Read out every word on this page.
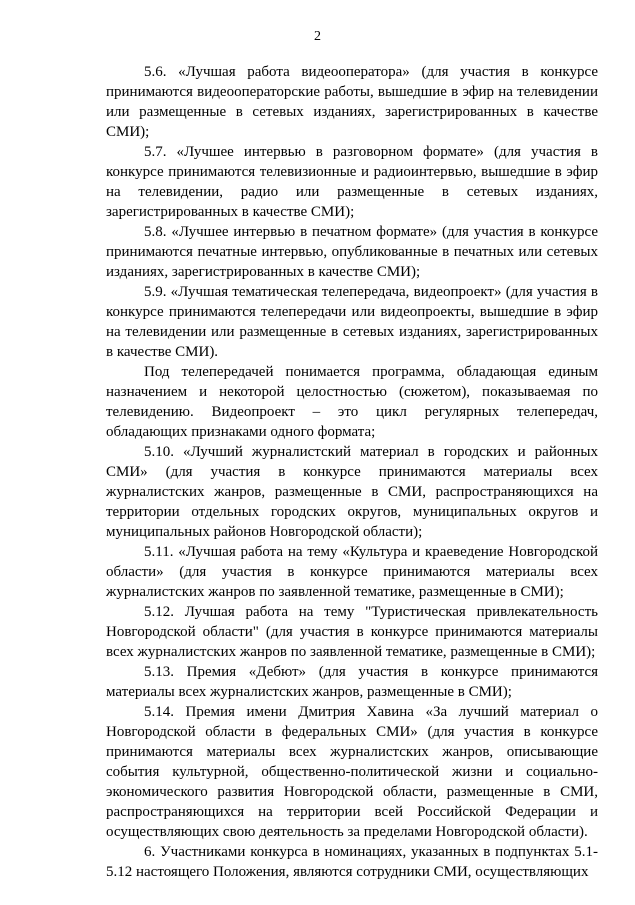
2

5.6. «Лучшая работа видеооператора» (для участия в конкурсе принимаются видеооператорские работы, вышедшие в эфир на телевидении или размещенные в сетевых изданиях, зарегистрированных в качестве СМИ);

5.7. «Лучшее интервью в разговорном формате» (для участия в конкурсе принимаются телевизионные и радиоинтервью, вышедшие в эфир на телевидении, радио или размещенные в сетевых изданиях, зарегистрированных в качестве СМИ);

5.8. «Лучшее интервью в печатном формате» (для участия в конкурсе принимаются печатные интервью, опубликованные в печатных или сетевых изданиях, зарегистрированных в качестве СМИ);

5.9. «Лучшая тематическая телепередача, видеопроект» (для участия в конкурсе принимаются телепередачи или видеопроекты, вышедшие в эфир на телевидении или размещенные в сетевых изданиях, зарегистрированных в качестве СМИ).

Под телепередачей понимается программа, обладающая единым назначением и некоторой целостностью (сюжетом), показываемая по телевидению. Видеопроект – это цикл регулярных телепередач, обладающих признаками одного формата;

5.10. «Лучший журналистский материал в городских и районных СМИ» (для участия в конкурсе принимаются материалы всех журналистских жанров, размещенные в СМИ, распространяющихся на территории отдельных городских округов, муниципальных округов и муниципальных районов Новгородской области);

5.11. «Лучшая работа на тему «Культура и краеведение Новгородской области» (для участия в конкурсе принимаются материалы всех журналистских жанров по заявленной тематике, размещенные в СМИ);

5.12. Лучшая работа на тему "Туристическая привлекательность Новгородской области" (для участия в конкурсе принимаются материалы всех журналистских жанров по заявленной тематике, размещенные в СМИ);

5.13. Премия «Дебют» (для участия в конкурсе принимаются материалы всех журналистских жанров, размещенные в СМИ);

5.14. Премия имени Дмитрия Хавина «За лучший материал о Новгородской области в федеральных СМИ» (для участия в конкурсе принимаются материалы всех журналистских жанров, описывающие события культурной, общественно-политической жизни и социально-экономического развития Новгородской области, размещенные в СМИ, распространяющихся на территории всей Российской Федерации и осуществляющих свою деятельность за пределами Новгородской области).

6. Участниками конкурса в номинациях, указанных в подпунктах 5.1-5.12 настоящего Положения, являются сотрудники СМИ, осуществляющих
